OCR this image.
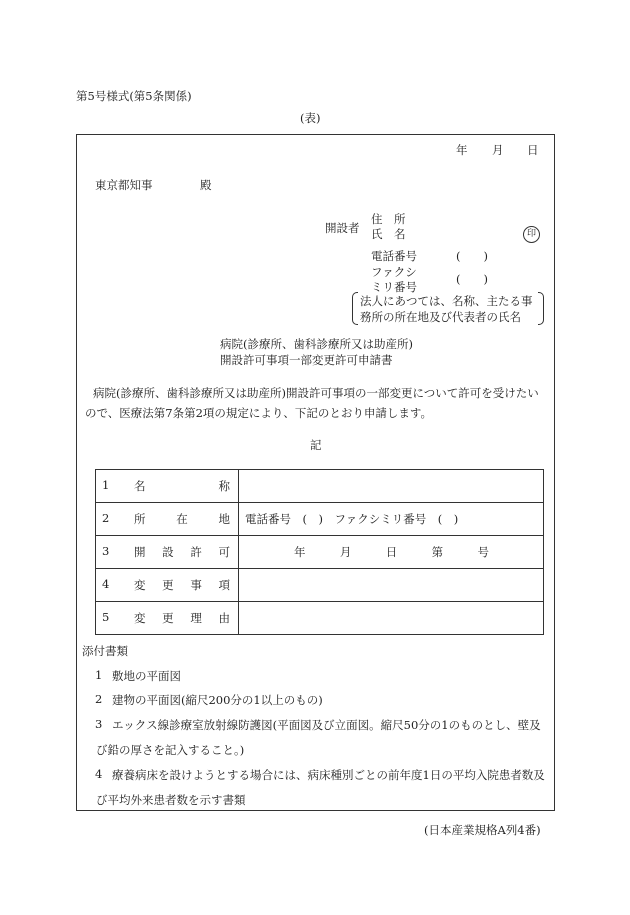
第5号様式(第5条関係)
(表)
年 月 日
東京都知事	殿
開設者
住　所
氏　名	印
電話番号	(　　)
ファクシ
ミリ番号
(　　)
法人にあつては、名称、主たる事
務所の所在地及び代表者の氏名
病院(診療所、歯科診療所又は助産所)
開設許可事項一部変更許可申請書
病院(診療所、歯科診療所又は助産所)開設許可事項の一部変更について許可を受けたい
ので、医療法第7条第2項の規定により、下記のとおり申請します。
記
1 名 称	

2 所 在 地	電話番号　(　)　ファクシミリ番号　(　)

3 開 設 許 可	年 月 日 第 号

4 変 更 事 項	

5 変 更 理 由	

添付書類
1 敷地の平面図
2 建物の平面図(縮尺200分の1以上のもの)
3 エックス線診療室放射線防護図(平面図及び立面図。縮尺50分の1のものとし、壁及
び鉛の厚さを記入すること。)
4 療養病床を設けようとする場合には、病床種別ごとの前年度1日の平均入院患者数及
び平均外来患者数を示す書類
(日本産業規格A列4番)
